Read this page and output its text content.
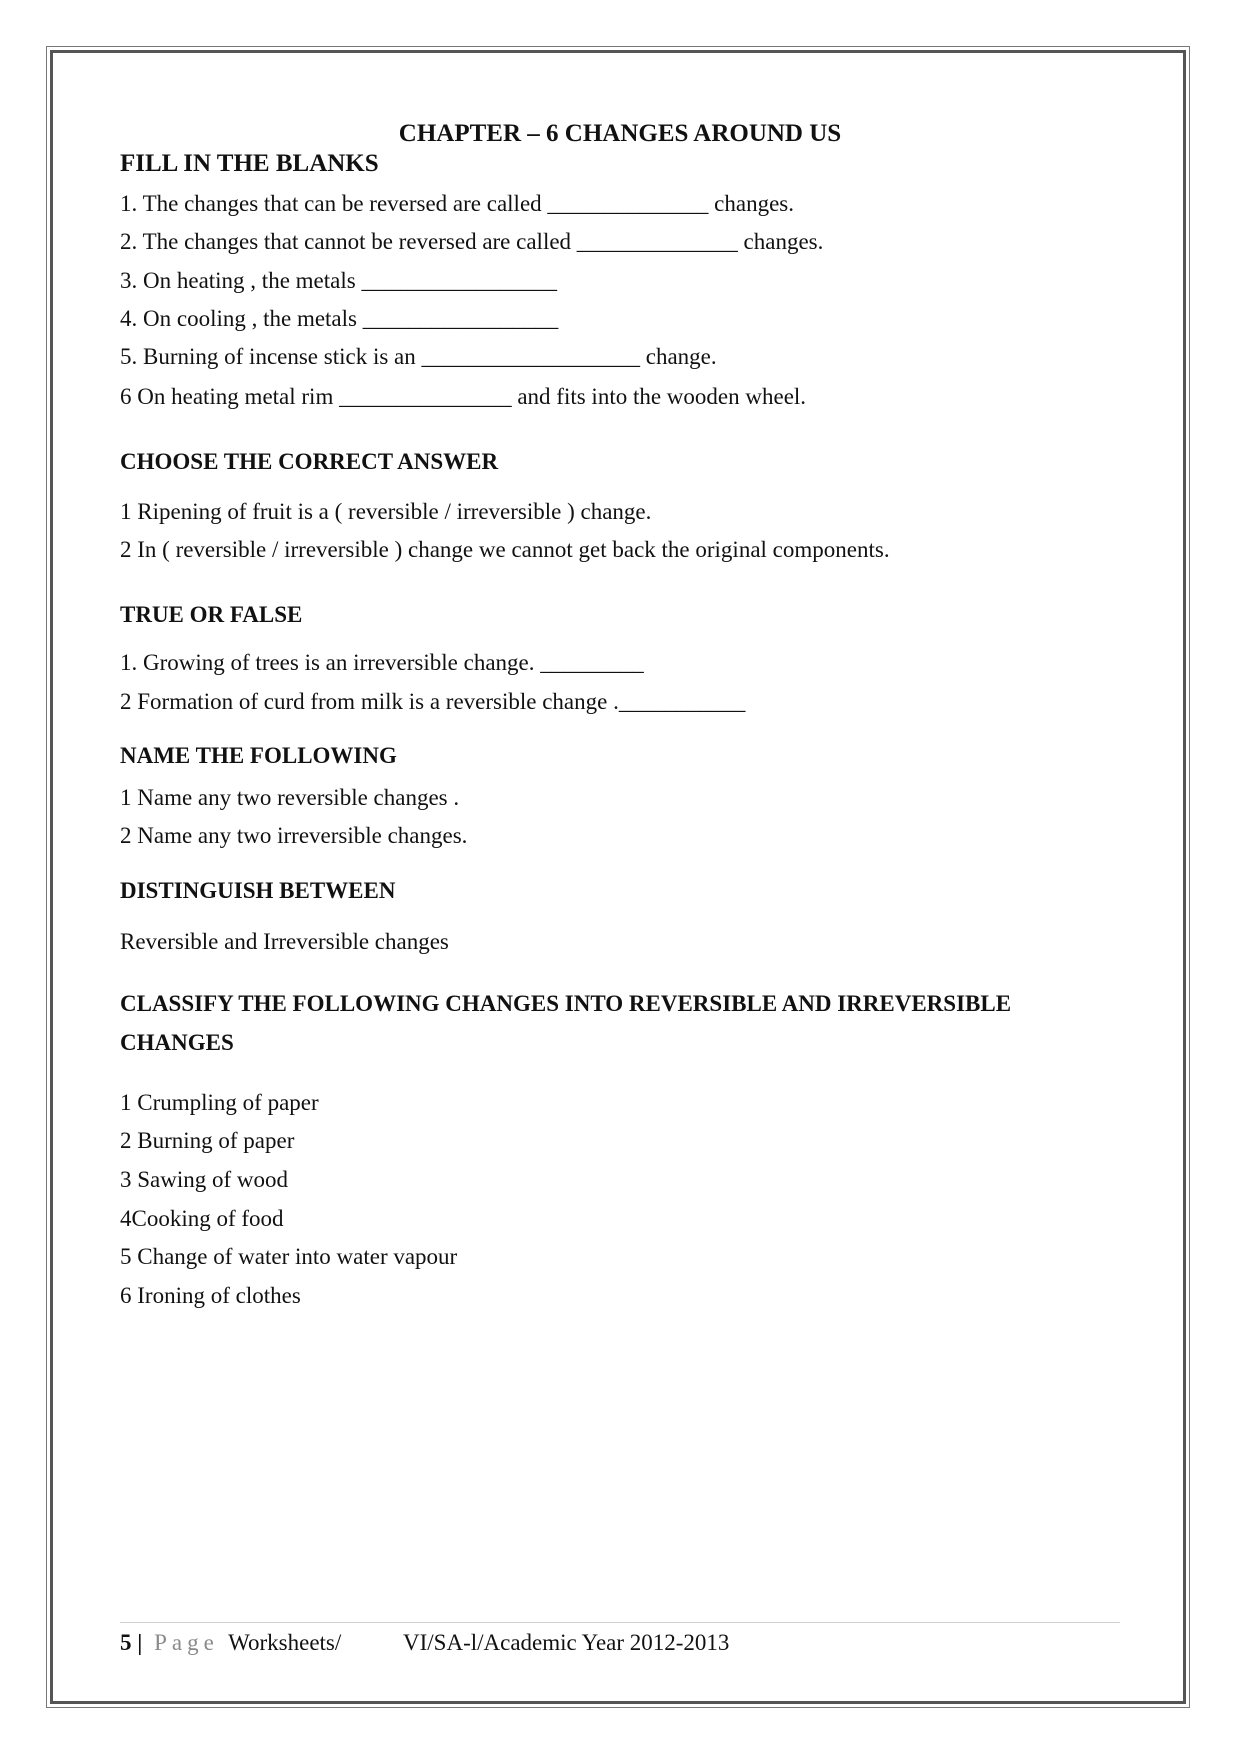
CHAPTER – 6 CHANGES AROUND US
FILL IN THE BLANKS
1. The changes that can be reversed are called ______________ changes.
2. The changes that cannot be reversed are called ______________ changes.
3. On heating , the metals _________________
4. On cooling , the metals _________________
5. Burning of incense stick is an ___________________ change.
6 On heating metal rim _______________ and fits into the wooden wheel.
CHOOSE THE CORRECT ANSWER
1 Ripening of fruit is a ( reversible / irreversible ) change.
2 In ( reversible / irreversible ) change we cannot get back the original components.
TRUE OR FALSE
1. Growing of trees is an irreversible change. _________
2 Formation of curd from milk is a reversible change .___________
NAME THE FOLLOWING
1 Name any two reversible changes .
2 Name any two irreversible changes.
DISTINGUISH BETWEEN
Reversible and Irreversible changes
CLASSIFY THE FOLLOWING CHANGES INTO REVERSIBLE AND IRREVERSIBLE
CHANGES
1 Crumpling of paper
2 Burning of paper
3 Sawing of wood
4Cooking of food
5 Change of water into water vapour
6 Ironing of clothes
5 | Page Worksheets/	VI/SA-l/Academic Year 2012-2013
